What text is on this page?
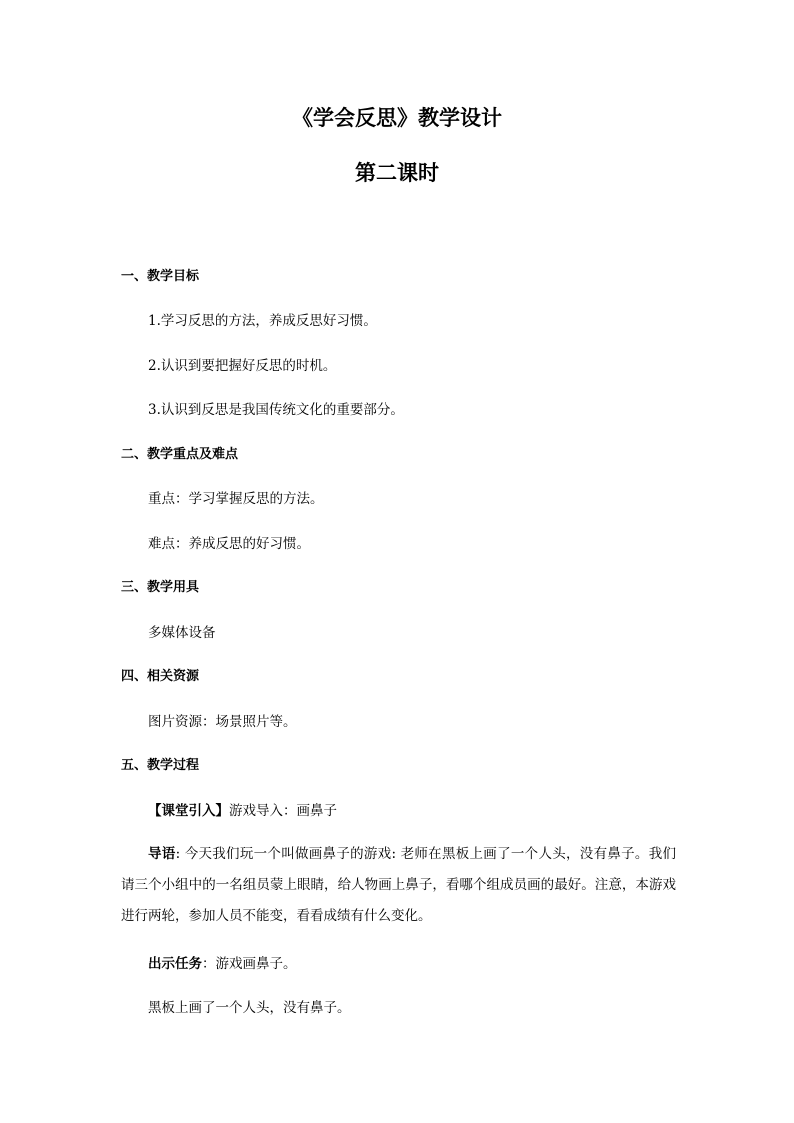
《学会反思》教学设计
第二课时

一、教学目标

1.学习反思的方法，养成反思好习惯。

2.认识到要把握好反思的时机。

3.认识到反思是我国传统文化的重要部分。

二、教学重点及难点

重点：学习掌握反思的方法。

难点：养成反思的好习惯。

三、教学用具

多媒体设备

四、相关资源

图片资源：场景照片等。

五、教学过程

【课堂引入】游戏导入：画鼻子

导语: 今天我们玩一个叫做画鼻子的游戏: 老师在黑板上画了一个人头，没有鼻子。我们请三个小组中的一名组员蒙上眼睛，给人物画上鼻子，看哪个组成员画的最好。注意，本游戏进行两轮，参加人员不能变，看看成绩有什么变化。

出示任务：游戏画鼻子。

黑板上画了一个人头，没有鼻子。
